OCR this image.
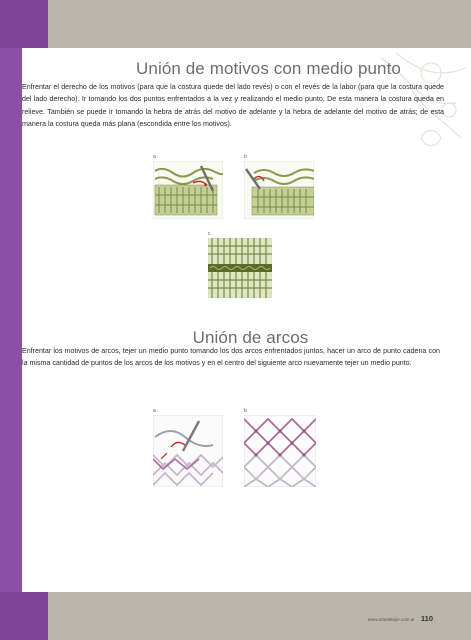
Unión de motivos con medio punto

Enfrentar el derecho de los motivos (para que la costura quede del lado revés) o con el revés de la labor (para que la costura quede del lado derecho). Ir tomando los dos puntos enfrentados a la vez y realizando el medio punto. De esta manera la costura queda en relieve. También se puede ir tomando la hebra de atrás del motivo de adelante y la hebra de adelante del motivo de atrás; de esta manera la costura queda más plana (escondida entre los motivos).

a	b
c
Unión de arcos

Enfrentar los motivos de arcos, tejer un medio punto tomando los dos arcos enfrentados juntos, hacer un arco de punto cadena con la misma cantidad de puntos de los arcos de los motivos y en el centro del siguiente arco nuevamente tejer un medio punto.

a	b
www.artedetejer.com.ar 110
